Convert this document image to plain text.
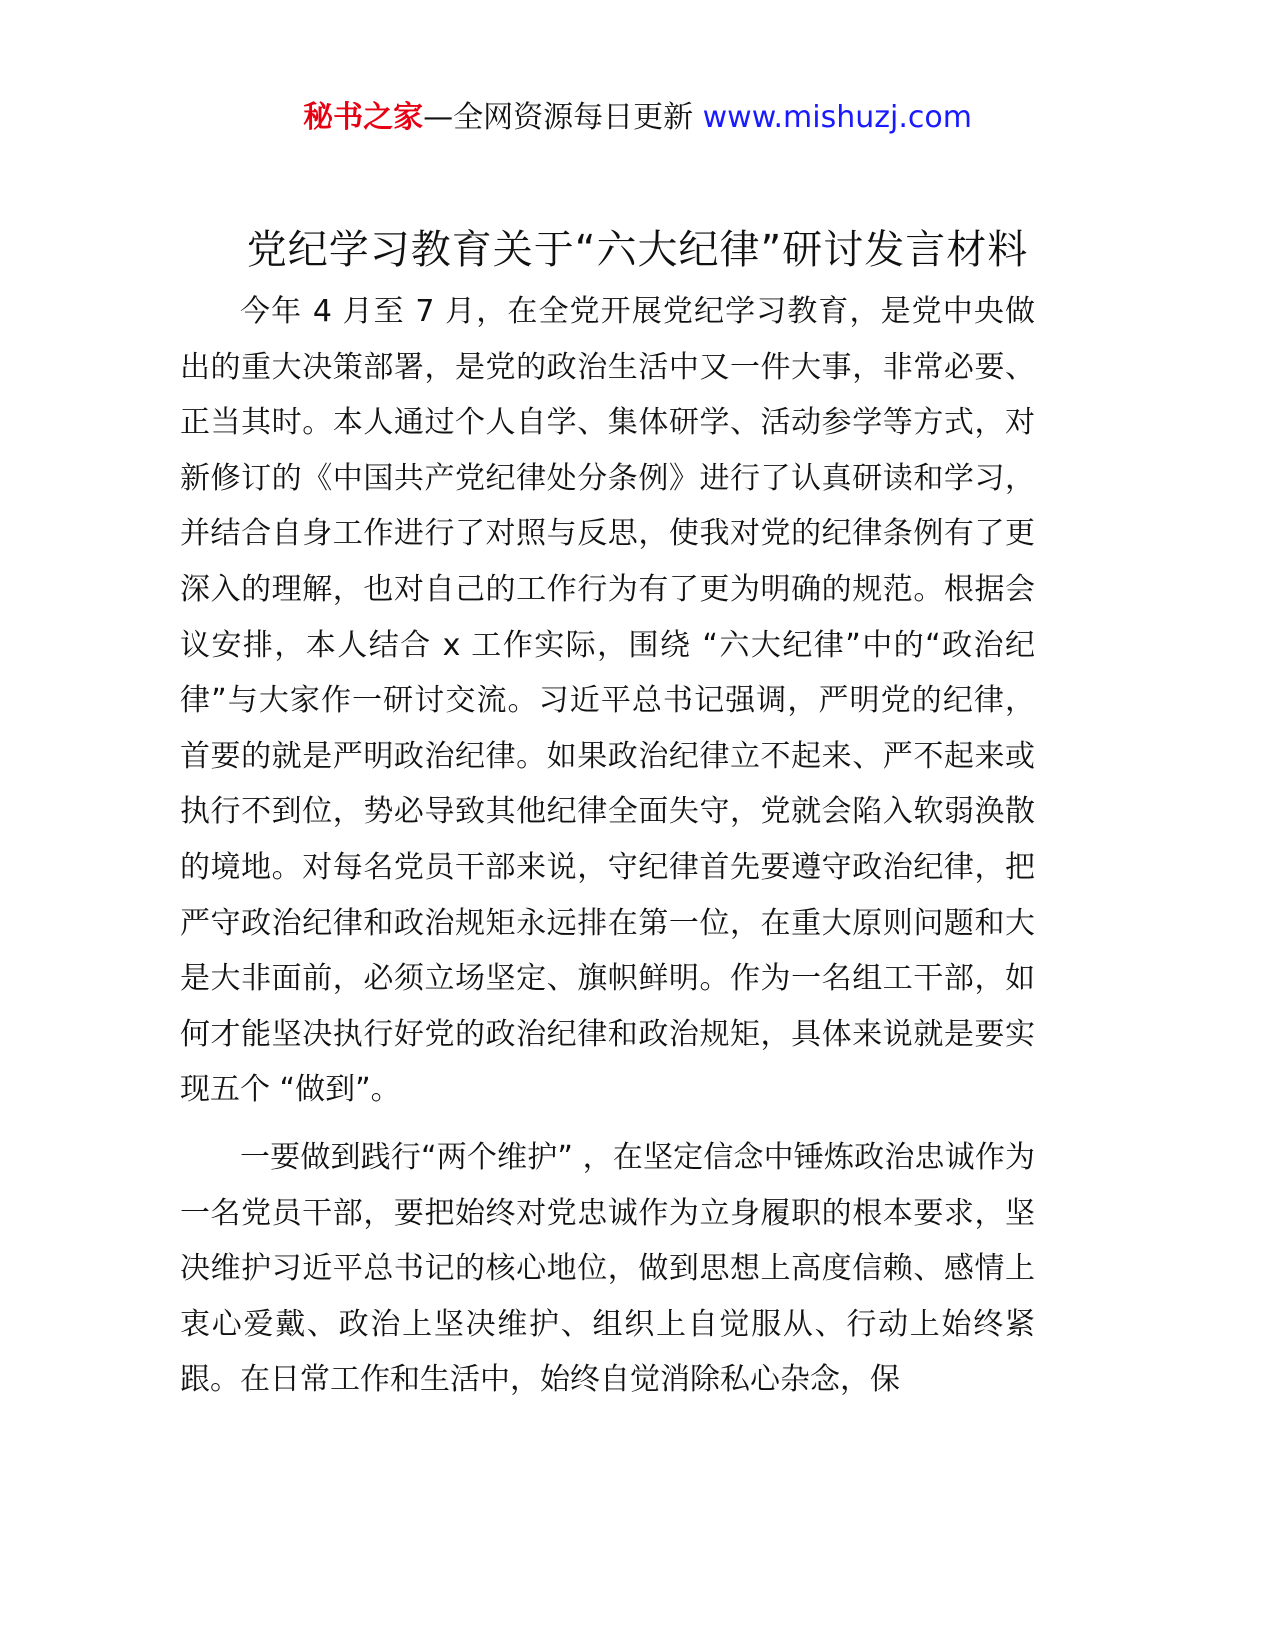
秘书之家—全网资源每日更新 www.mishuzj.com
党纪学习教育关于“六大纪律”研讨发言材料

今年 4 月至 7 月，在全党开展党纪学习教育，是党中央做出的重大决策部署，是党的政治生活中又一件大事，非常必要、正当其时。本人通过个人自学、集体研学、活动参学等方式，对新修订的《中国共产党纪律处分条例》进行了认真研读和学习，并结合自身工作进行了对照与反思，使我对党的纪律条例有了更深入的理解，也对自己的工作行为有了更为明确的规范。根据会议安排，本人结合 x 工作实际，围绕 “六大纪律”中的“政治纪律”与大家作一研讨交流。习近平总书记强调，严明党的纪律，首要的就是严明政治纪律。如果政治纪律立不起来、严不起来或执行不到位，势必导致其他纪律全面失守，党就会陷入软弱涣散的境地。对每名党员干部来说，守纪律首先要遵守政治纪律，把严守政治纪律和政治规矩永远排在第一位，在重大原则问题和大是大非面前，必须立场坚定、旗帜鲜明。作为一名组工干部，如何才能坚决执行好党的政治纪律和政治规矩，具体来说就是要实现五个 “做到”。

一要做到践行“两个维护” ，在坚定信念中锤炼政治忠诚作为一名党员干部，要把始终对党忠诚作为立身履职的根本要求，坚决维护习近平总书记的核心地位，做到思想上高度信赖、感情上衷心爱戴、政治上坚决维护、组织上自觉服从、行动上始终紧跟。在日常工作和生活中，始终自觉消除私心杂念，保
